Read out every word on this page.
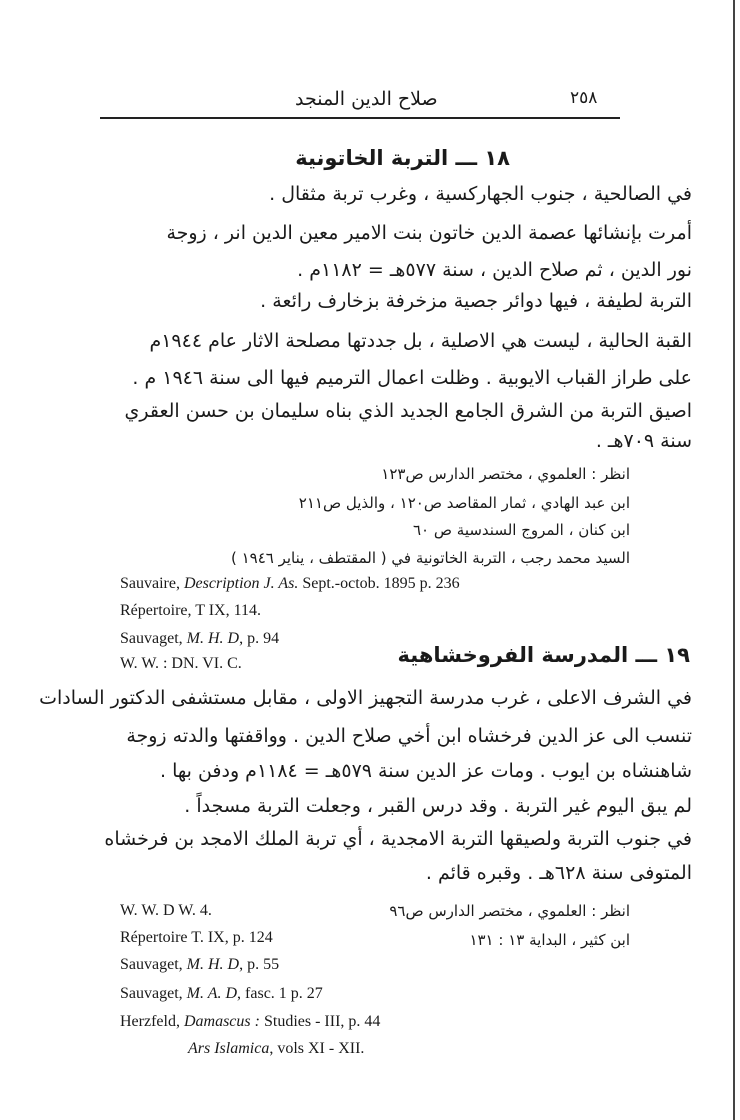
صلاح الدين المنجد	٢٥٨
١٨ ـــ التربة الخاتونية
في الصالحية ، جنوب الجهاركسية ، وغرب تربة مثقال .
أمرت بإنشائها عصمة الدين خاتون بنت الامير معين الدين انر ، زوجة
نور الدين ، ثم صلاح الدين ، سنة ٥٧٧هـ = ١١٨٢م .
التربة لطيفة ، فيها دوائر جصية مزخرفة بزخارف رائعة .
القبة الحالية ، ليست هي الاصلية ، بل جددتها مصلحة الاثار عام ١٩٤٤م
على طراز القباب الايوبية . وظلت اعمال الترميم فيها الى سنة ١٩٤٦ م .
اصيق التربة من الشرق الجامع الجديد الذي بناه سليمان بن حسن العقري
سنة ٧٠٩هـ .
انظر : العلموي ، مختصر الدارس ص١٢٣
ابن عبد الهادي ، ثمار المقاصد ص١٢٠ ، والذيل ص٢١١
ابن كنان ، المروج السندسية ص ٦٠
السيد محمد رجب ، التربة الخاتونية في ( المقتطف ، يناير ١٩٤٦ )
Sauvaire, Description J. As. Sept.-octob. 1895 p. 236
Répertoire, T IX, 114.
Sauvaget, M. H. D, p. 94
W. W. : DN. VI. C.	١٩ ـــ المدرسة الفروخشاهية
في الشرف الاعلى ، غرب مدرسة التجهيز الاولى ، مقابل مستشفى الدكتور السادات
تنسب الى عز الدين فرخشاه ابن أخي صلاح الدين . وواقفتها والدته زوجة
شاهنشاه بن ايوب . ومات عز الدين سنة ٥٧٩هـ = ١١٨٤م ودفن بها .
لم يبق اليوم غير التربة . وقد درس القبر ، وجعلت التربة مسجداً .
في جنوب التربة ولصيقها التربة الامجدية ، أي تربة الملك الامجد بن فرخشاه
المتوفى سنة ٦٢٨هـ . وقبره قائم .
انظر : العلموي ، مختصر الدارس ص٩٦
ابن كثير ، البداية ١٣ : ١٣١
W. W. D W. 4.
Répertoire T. IX, p. 124
Sauvaget, M. H. D, p. 55
Sauvaget, M. A. D, fasc. 1 p. 27
Herzfeld, Damascus : Studies - III, p. 44
Ars Islamica, vols XI - XII.
